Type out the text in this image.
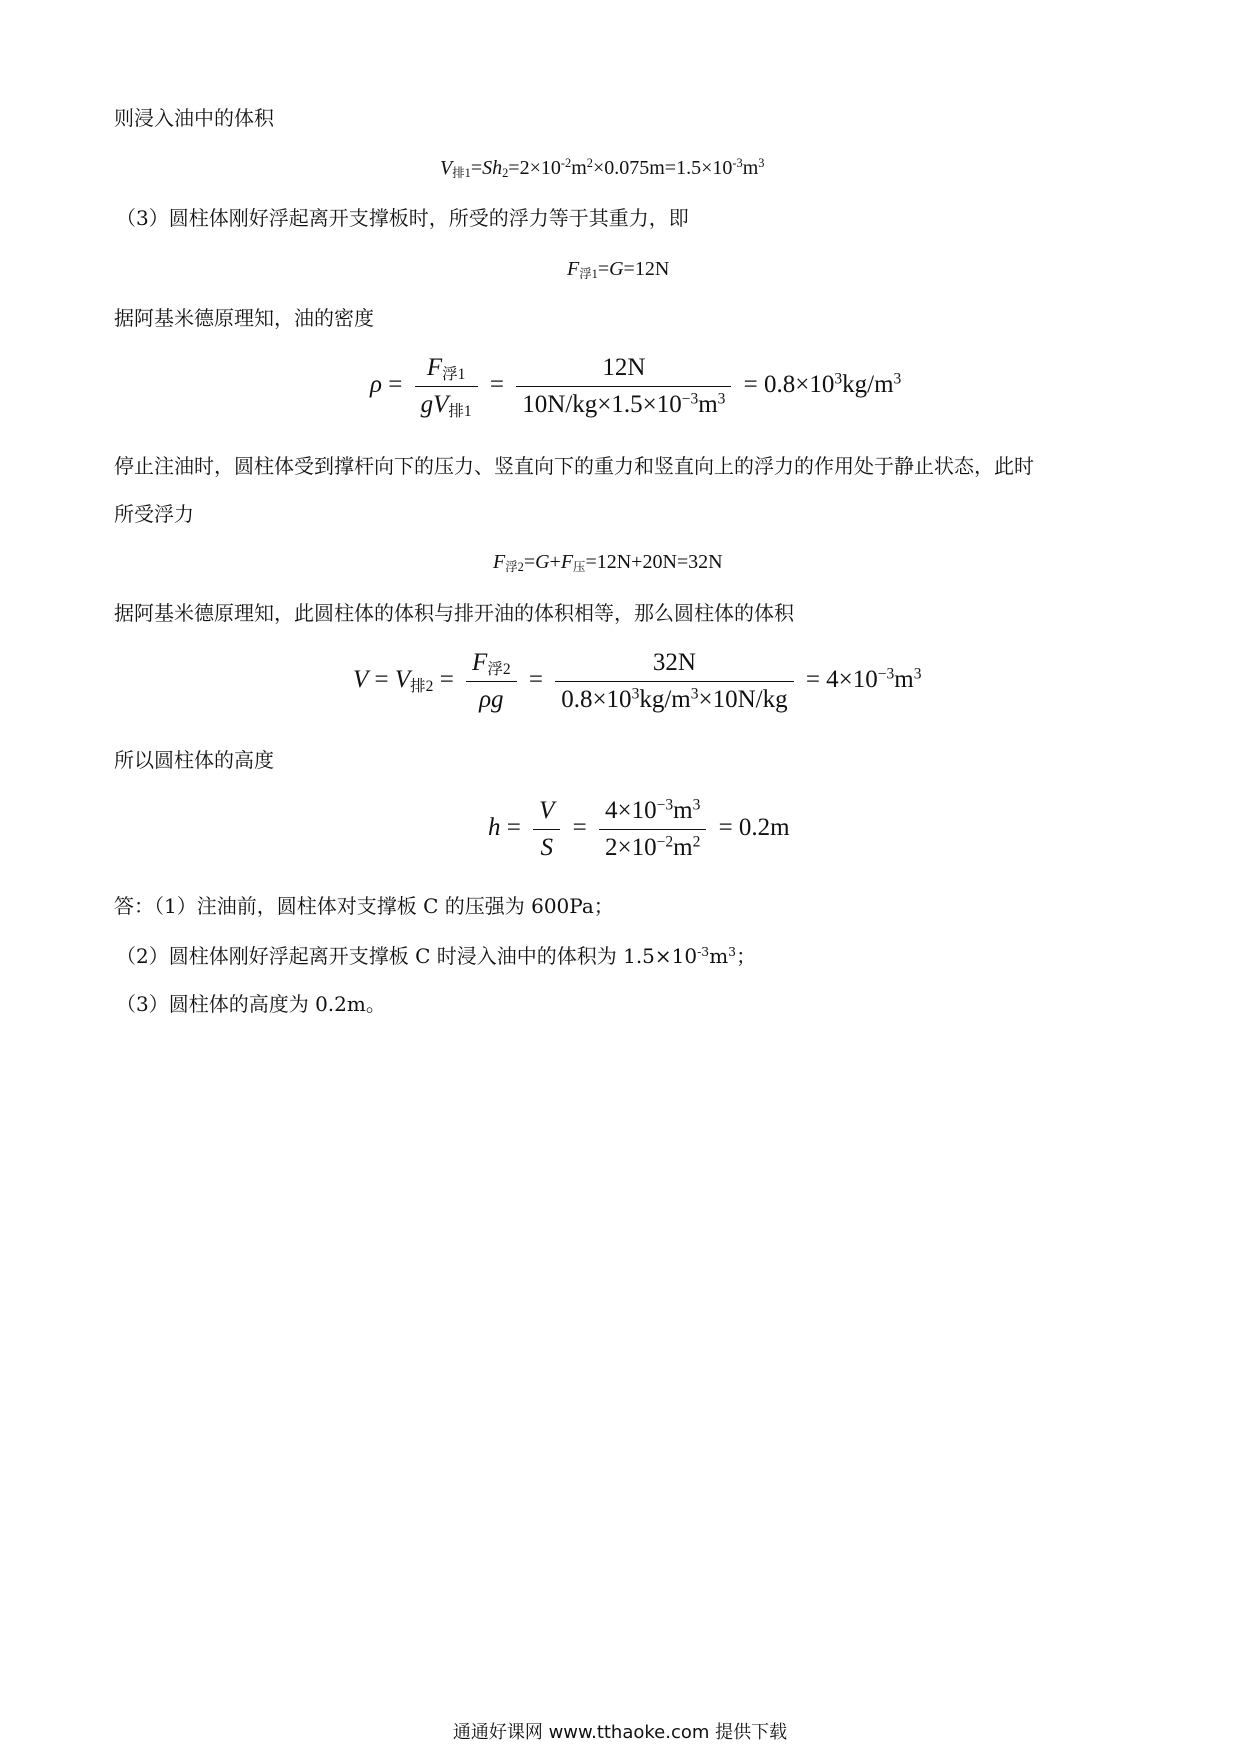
则浸入油中的体积
$V_{排1}=Sh_2=2\times 10^{-2}m^2\times 0.075m=1.5\times 10^{-3}m^3$
（3）圆柱体刚好浮起离开支撑板时，所受的浮力等于其重力，即
$F_{浮1}=G=12N$
据阿基米德原理知，油的密度
$\rho = \frac{F_{浮1}}{gV_{排1}} = \frac{12N}{10N/kg\times 1.5\times 10^{-3}m^3} = 0.8\times 10^3kg/m^3$
停止注油时，圆柱体受到撑杆向下的压力、竖直向下的重力和竖直向上的浮力的作用处于静止状态，此时
所受浮力
$F_{浮2}=G+F_压=12N+20N=32N$
据阿基米德原理知，此圆柱体的体积与排开油的体积相等，那么圆柱体的体积
$V = V_{排2} = \frac{F_{浮2}}{\rho g} = \frac{32N}{0.8\times 10^3kg/m^3\times 10N/kg} = 4\times 10^{-3}m^3$
所以圆柱体的高度
$h = \frac{V}{S} = \frac{4\times 10^{-3}m^3}{2\times 10^{-2}m^2} = 0.2m$
答：（1）注油前，圆柱体对支撑板 C 的压强为 600Pa；
（2）圆柱体刚好浮起离开支撑板 C 时浸入油中的体积为 $1.5\times 10^{-3}m^3$；
（3）圆柱体的高度为 0.2m。
通通好课网 www.tthaoke.com 提供下载
